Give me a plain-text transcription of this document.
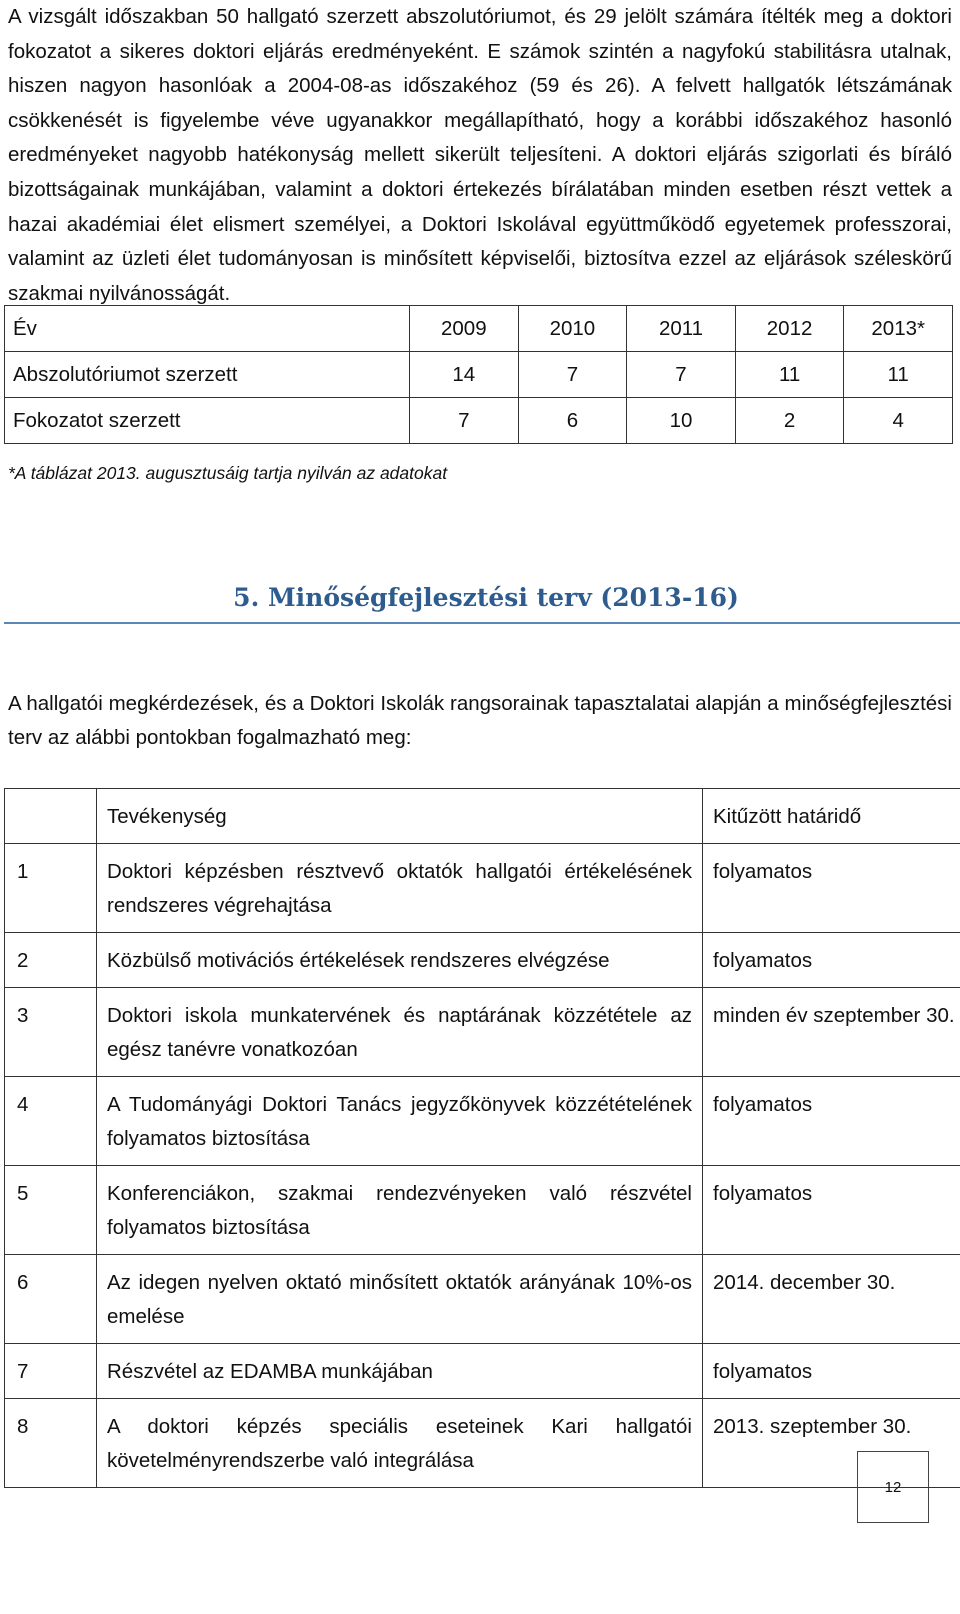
A vizsgált időszakban 50 hallgató szerzett abszolutóriumot, és 29 jelölt számára ítélték meg a doktori fokozatot a sikeres doktori eljárás eredményeként. E számok szintén a nagyfokú stabilitásra utalnak, hiszen nagyon hasonlóak a 2004-08-as időszakéhoz (59 és 26). A felvett hallgatók létszámának csökkenését is figyelembe véve ugyanakkor megállapítható, hogy a korábbi időszakéhoz hasonló eredményeket nagyobb hatékonyság mellett sikerült teljesíteni. A doktori eljárás szigorlati és bíráló bizottságainak munkájában, valamint a doktori értekezés bírálatában minden esetben részt vettek a hazai akadémiai élet elismert személyei, a Doktori Iskolával együttműködő egyetemek professzorai, valamint az üzleti élet tudományosan is minősített képviselői, biztosítva ezzel az eljárások széleskörű szakmai nyilvánosságát.

Év	2009	2010	2011	2012	2013*
Abszolutóriumot szerzett	14	7	7	11	11
Fokozatot szerzett	7	6	10	2	4

*A táblázat 2013. augusztusáig tartja nyilván az adatokat

5. Minőségfejlesztési terv (2013-16)

A hallgatói megkérdezések, és a Doktori Iskolák rangsorainak tapasztalatai alapján a minőségfejlesztési terv az alábbi pontokban fogalmazható meg:

	Tevékenység	Kitűzött határidő
1	Doktori képzésben résztvevő oktatók hallgatói értékelésének rendszeres végrehajtása	folyamatos
2	Közbülső motivációs értékelések rendszeres elvégzése	folyamatos
3	Doktori iskola munkatervének és naptárának közzététele az egész tanévre vonatkozóan	minden év szeptember 30.
4	A Tudományági Doktori Tanács jegyzőkönyvek közzétételének folyamatos biztosítása	folyamatos
5	Konferenciákon, szakmai rendezvényeken való részvétel folyamatos biztosítása	folyamatos
6	Az idegen nyelven oktató minősített oktatók arányának 10%-os emelése	2014. december 30.
7	Részvétel az EDAMBA munkájában	folyamatos
8	A doktori képzés speciális eseteinek Kari hallgatói követelményrendszerbe való integrálása	2013. szeptember 30.
12
